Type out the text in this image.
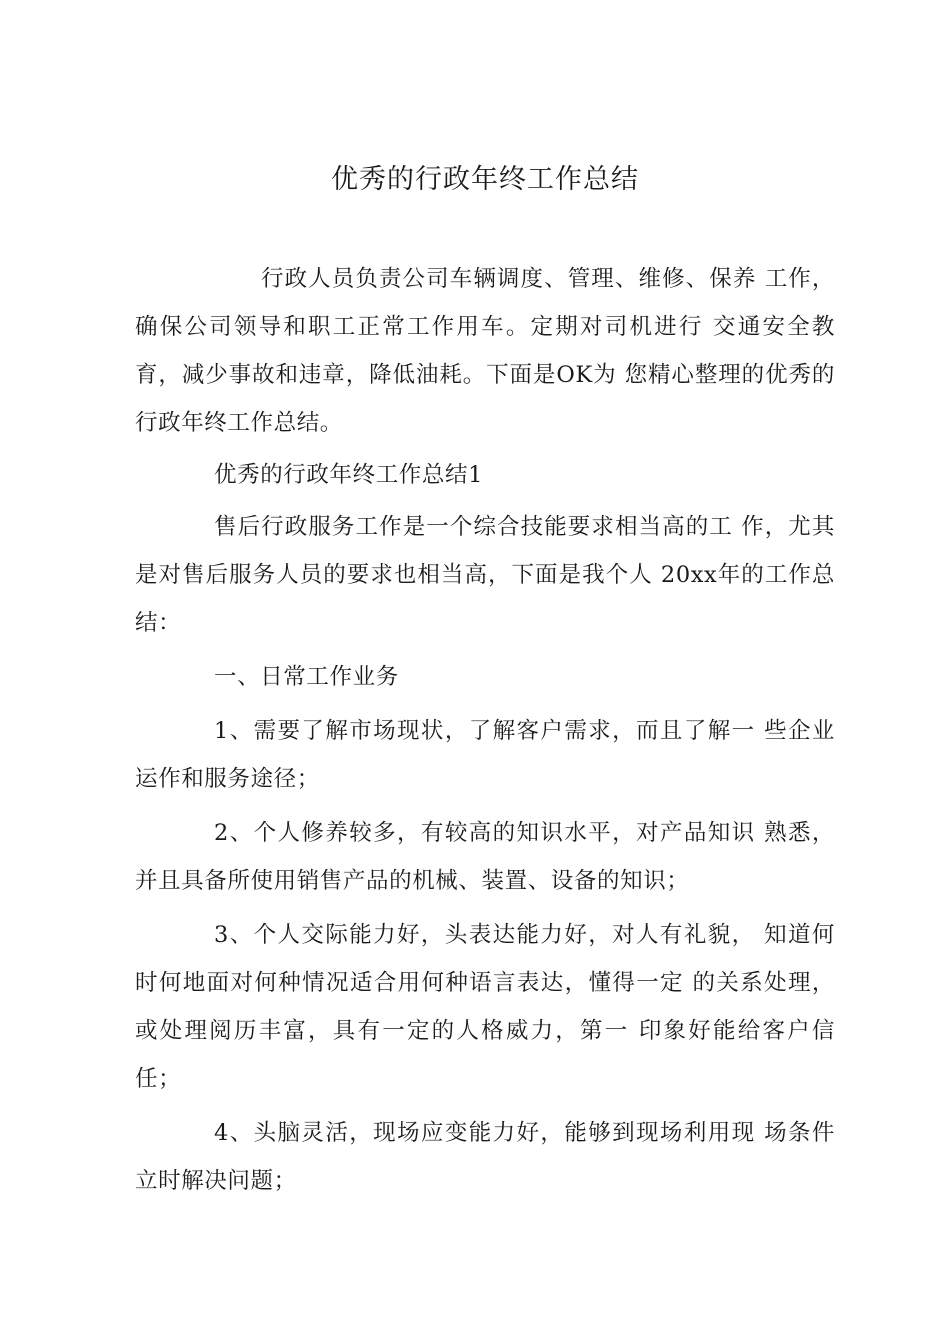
优秀的行政年终工作总结

行政人员负责公司车辆调度、管理、维修、保养 工作，确保公司领导和职工正常工作用车。定期对司机进行 交通安全教育，减少事故和违章，降低油耗。下面是OK为 您精心整理的优秀的行政年终工作总结。

优秀的行政年终工作总结1

售后行政服务工作是一个综合技能要求相当高的工 作，尤其是对售后服务人员的要求也相当高，下面是我个人 20xx年的工作总结：

一、日常工作业务

1、需要了解市场现状，了解客户需求，而且了解一 些企业运作和服务途径；

2、个人修养较多，有较高的知识水平，对产品知识 熟悉，并且具备所使用销售产品的机械、装置、设备的知识；

3、个人交际能力好，头表达能力好，对人有礼貌， 知道何时何地面对何种情况适合用何种语言表达，懂得一定 的关系处理，或处理阅历丰富，具有一定的人格威力，第一 印象好能给客户信任；

4、头脑灵活，现场应变能力好，能够到现场利用现 场条件立时解决问题；
